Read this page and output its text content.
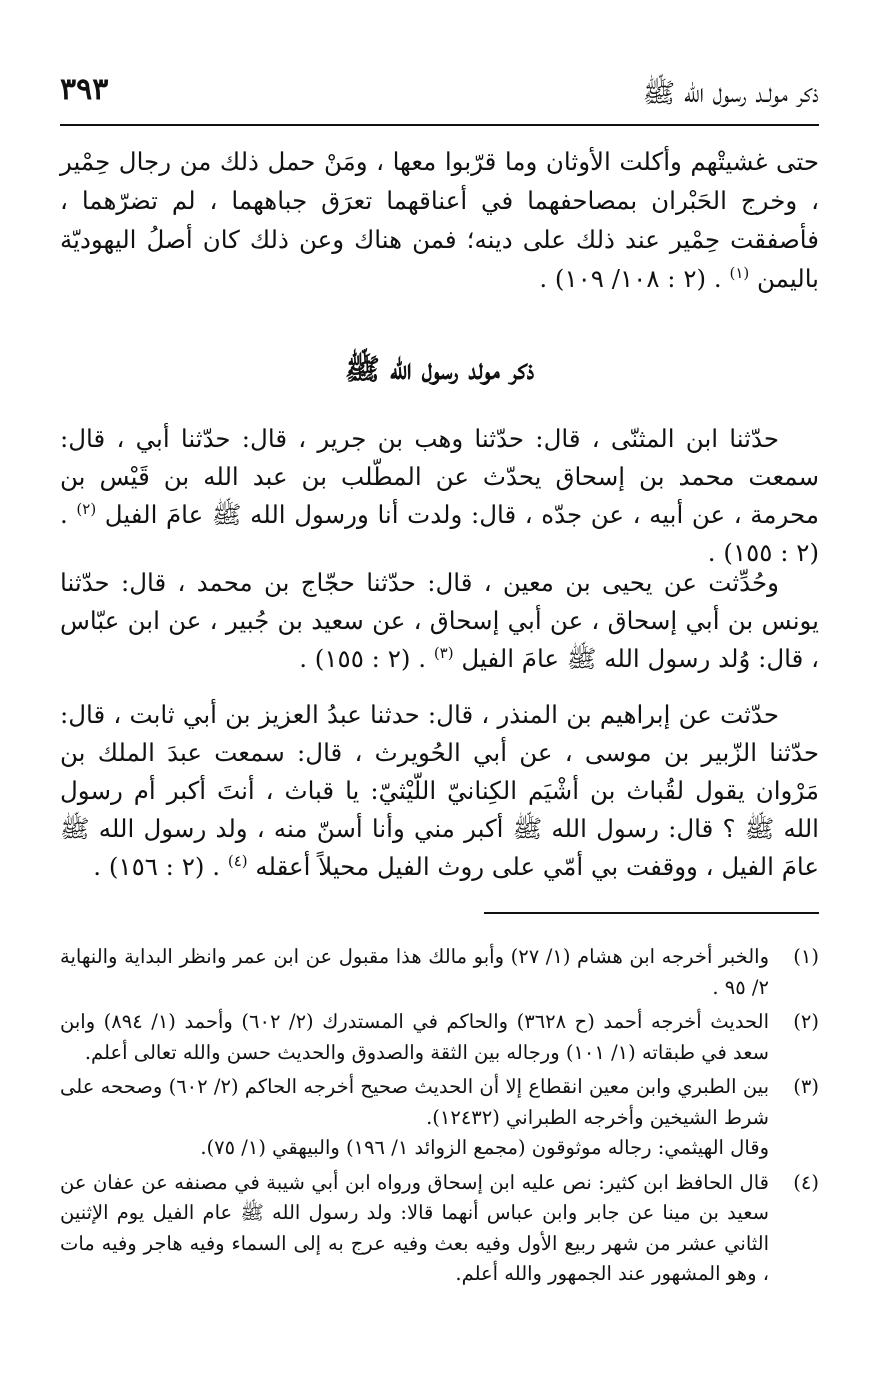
ذكر مولـد رسول الله ﷺ
٣٩٣

حتى غشيتْهم وأكلت الأوثان وما قرّبوا معها ، ومَنْ حمل ذلك من رجال حِمْير ، وخرج الحَبْران بمصاحفهما في أعناقهما تعرَق جباههما ، لم تضرّهما ، فأصفقت حِمْير عند ذلك على دينه؛ فمن هناك وعن ذلك كان أصلُ اليهوديّة باليمن $^{(١)}$ . (٢ : ١٠٨/ ١٠٩) .

ذكر مولد رسول الله ﷺ

حدّثنا ابن المثنّى ، قال: حدّثنا وهب بن جرير ، قال: حدّثنا أبي ، قال: سمعت محمد بن إسحاق يحدّث عن المطّلب بن عبد الله بن قَيْس بن محرمة ، عن أبيه ، عن جدّه ، قال: ولدت أنا ورسول الله ﷺ عامَ الفيل $^{(٢)}$ . (٢ : ١٥٥) .

وحُدِّثت عن يحيى بن معين ، قال: حدّثنا حجّاج بن محمد ، قال: حدّثنا يونس بن أبي إسحاق ، عن أبي إسحاق ، عن سعيد بن جُبير ، عن ابن عبّاس ، قال: وُلد رسول الله ﷺ عامَ الفيل $^{(٣)}$ . (٢ : ١٥٥) .

حدّثت عن إبراهيم بن المنذر ، قال: حدثنا عبدُ العزيز بن أبي ثابت ، قال: حدّثنا الزّبير بن موسى ، عن أبي الحُويرث ، قال: سمعت عبدَ الملك بن مَرْوان يقول لقُباث بن أشْيَم الكِنانيّ اللّيْثيّ: يا قباث ، أنتَ أكبر أم رسول الله ﷺ ؟ قال: رسول الله ﷺ أكبر مني وأنا أسنّ منه ، ولد رسول الله ﷺ عامَ الفيل ، ووقفت بي أمّي على روث الفيل محيلاً أعقله $^{(٤)}$ . (٢ : ١٥٦) .

(١)
والخبر أخرجه ابن هشام (١/ ٢٧) وأبو مالك هذا مقبول عن ابن عمر وانظر البداية والنهاية ٢/ ٩٥ .
(٢)
الحديث أخرجه أحمد (ح ٣٦٢٨) والحاكم في المستدرك (٢/ ٦٠٢) وأحمد (١/ ٨٩٤) وابن سعد في طبقاته (١/ ١٠١) ورجاله بين الثقة والصدوق والحديث حسن والله تعالى أعلم.
(٣)
بين الطبري وابن معين انقطاع إلا أن الحديث صحيح أخرجه الحاكم (٢/ ٦٠٢) وصححه على شرط الشيخين وأخرجه الطبراني (١٢٤٣٢).
وقال الهيثمي: رجاله موثوقون (مجمع الزوائد ١/ ١٩٦) والبيهقي (١/ ٧٥).
(٤)
قال الحافظ ابن كثير: نص عليه ابن إسحاق ورواه ابن أبي شيبة في مصنفه عن عفان عن سعيد بن مينا عن جابر وابن عباس أنهما قالا: ولد رسول الله ﷺ عام الفيل يوم الإثنين الثاني عشر من شهر ربيع الأول وفيه بعث وفيه عرج به إلى السماء وفيه هاجر وفيه مات ، وهو المشهور عند الجمهور والله أعلم.
